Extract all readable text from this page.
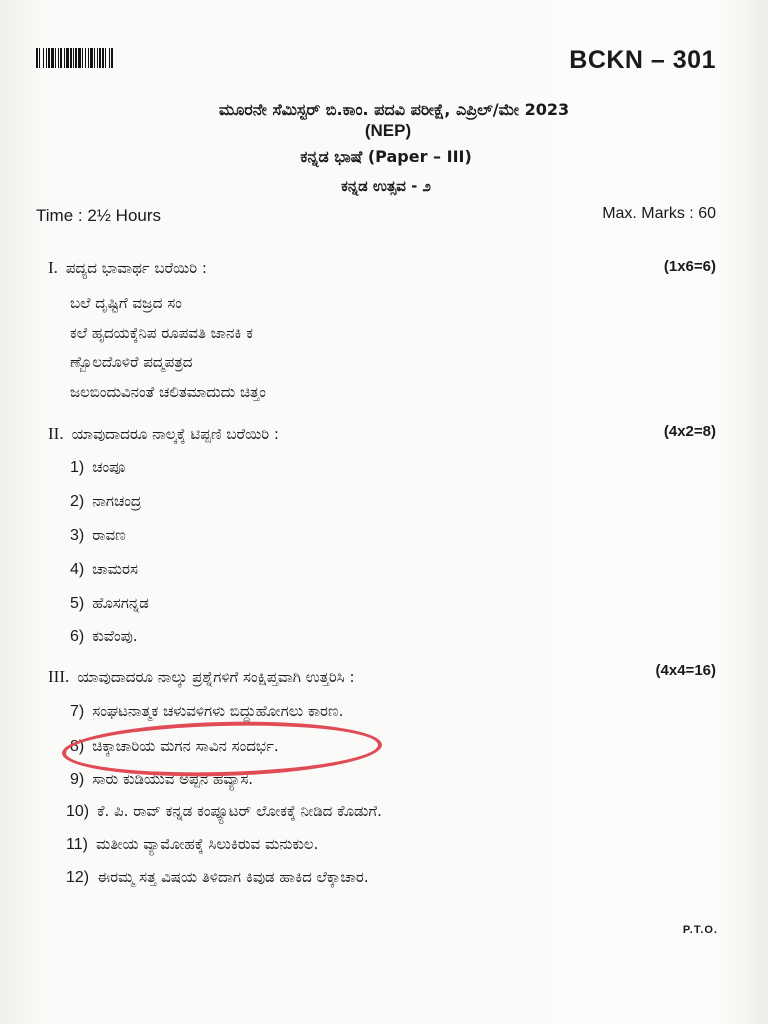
BCKN – 301
ಮೂರನೇ ಸೆಮಿಸ್ಟರ್ ಬಿ.ಕಾಂ. ಪದವಿ ಪರೀಕ್ಷೆ, ಎಪ್ರಿಲ್/ಮೇ 2023
(NEP)
ಕನ್ನಡ ಭಾಷೆ (Paper – III)
ಕನ್ನಡ ಉತ್ಸವ - ೨
Time : 2½ Hours	Max. Marks : 60
I. ಪದ್ಯದ ಭಾವಾರ್ಥ ಬರೆಯಿರಿ :	(1x6=6)
ಬಲೆ ದೃಷ್ಟಿಗೆ ವಜ್ರದ ಸಂ
ಕಲೆ ಹೃದಯಕ್ಕೆನಿಪ ರೂಪವತಿ ಜಾನಕಿ ಕ
ಣ್ಬೊಲದೊಳಿರೆ ಪದ್ಮಪತ್ರದ
ಜಲಬಿಂದುವಿನಂತೆ ಚಲಿತಮಾದುದು ಚಿತ್ತಂ
II. ಯಾವುದಾದರೂ ನಾಲ್ಕಕ್ಕೆ ಟಿಪ್ಪಣಿ ಬರೆಯಿರಿ :	(4x2=8)
1) ಚಂಪೂ
2) ನಾಗಚಂದ್ರ
3) ರಾವಣ
4) ಚಾಮರಸ
5) ಹೊಸಗನ್ನಡ
6) ಕುವೆಂಪು.
III. ಯಾವುದಾದರೂ ನಾಲ್ಕು ಪ್ರಶ್ನೆಗಳಿಗೆ ಸಂಕ್ಷಿಪ್ತವಾಗಿ ಉತ್ತರಿಸಿ :	(4x4=16)
7) ಸಂಘಟನಾತ್ಮಕ ಚಳುವಳಿಗಳು ಬಿದ್ದುಹೋಗಲು ಕಾರಣ.
8) ಚಿಕ್ಕಾಚಾರಿಯ ಮಗನ ಸಾವಿನ ಸಂದರ್ಭ.
9) ಸಾರು ಕುಡಿಯುವ ಅಪ್ಪನ ಹವ್ಯಾಸ.
10) ಕೆ. ಪಿ. ರಾವ್ ಕನ್ನಡ ಕಂಪ್ಯೂಟರ್ ಲೋಕಕ್ಕೆ ನೀಡಿದ ಕೊಡುಗೆ.
11) ಮತೀಯ ವ್ಯಾಮೋಹಕ್ಕೆ ಸಿಲುಕಿರುವ ಮನುಕುಲ.
12) ಈರಮ್ಮ ಸತ್ತ ವಿಷಯ ತಿಳಿದಾಗ ಕಿವುಡ ಹಾಕಿದ ಲೆಕ್ಕಾಚಾರ.
P.T.O.
